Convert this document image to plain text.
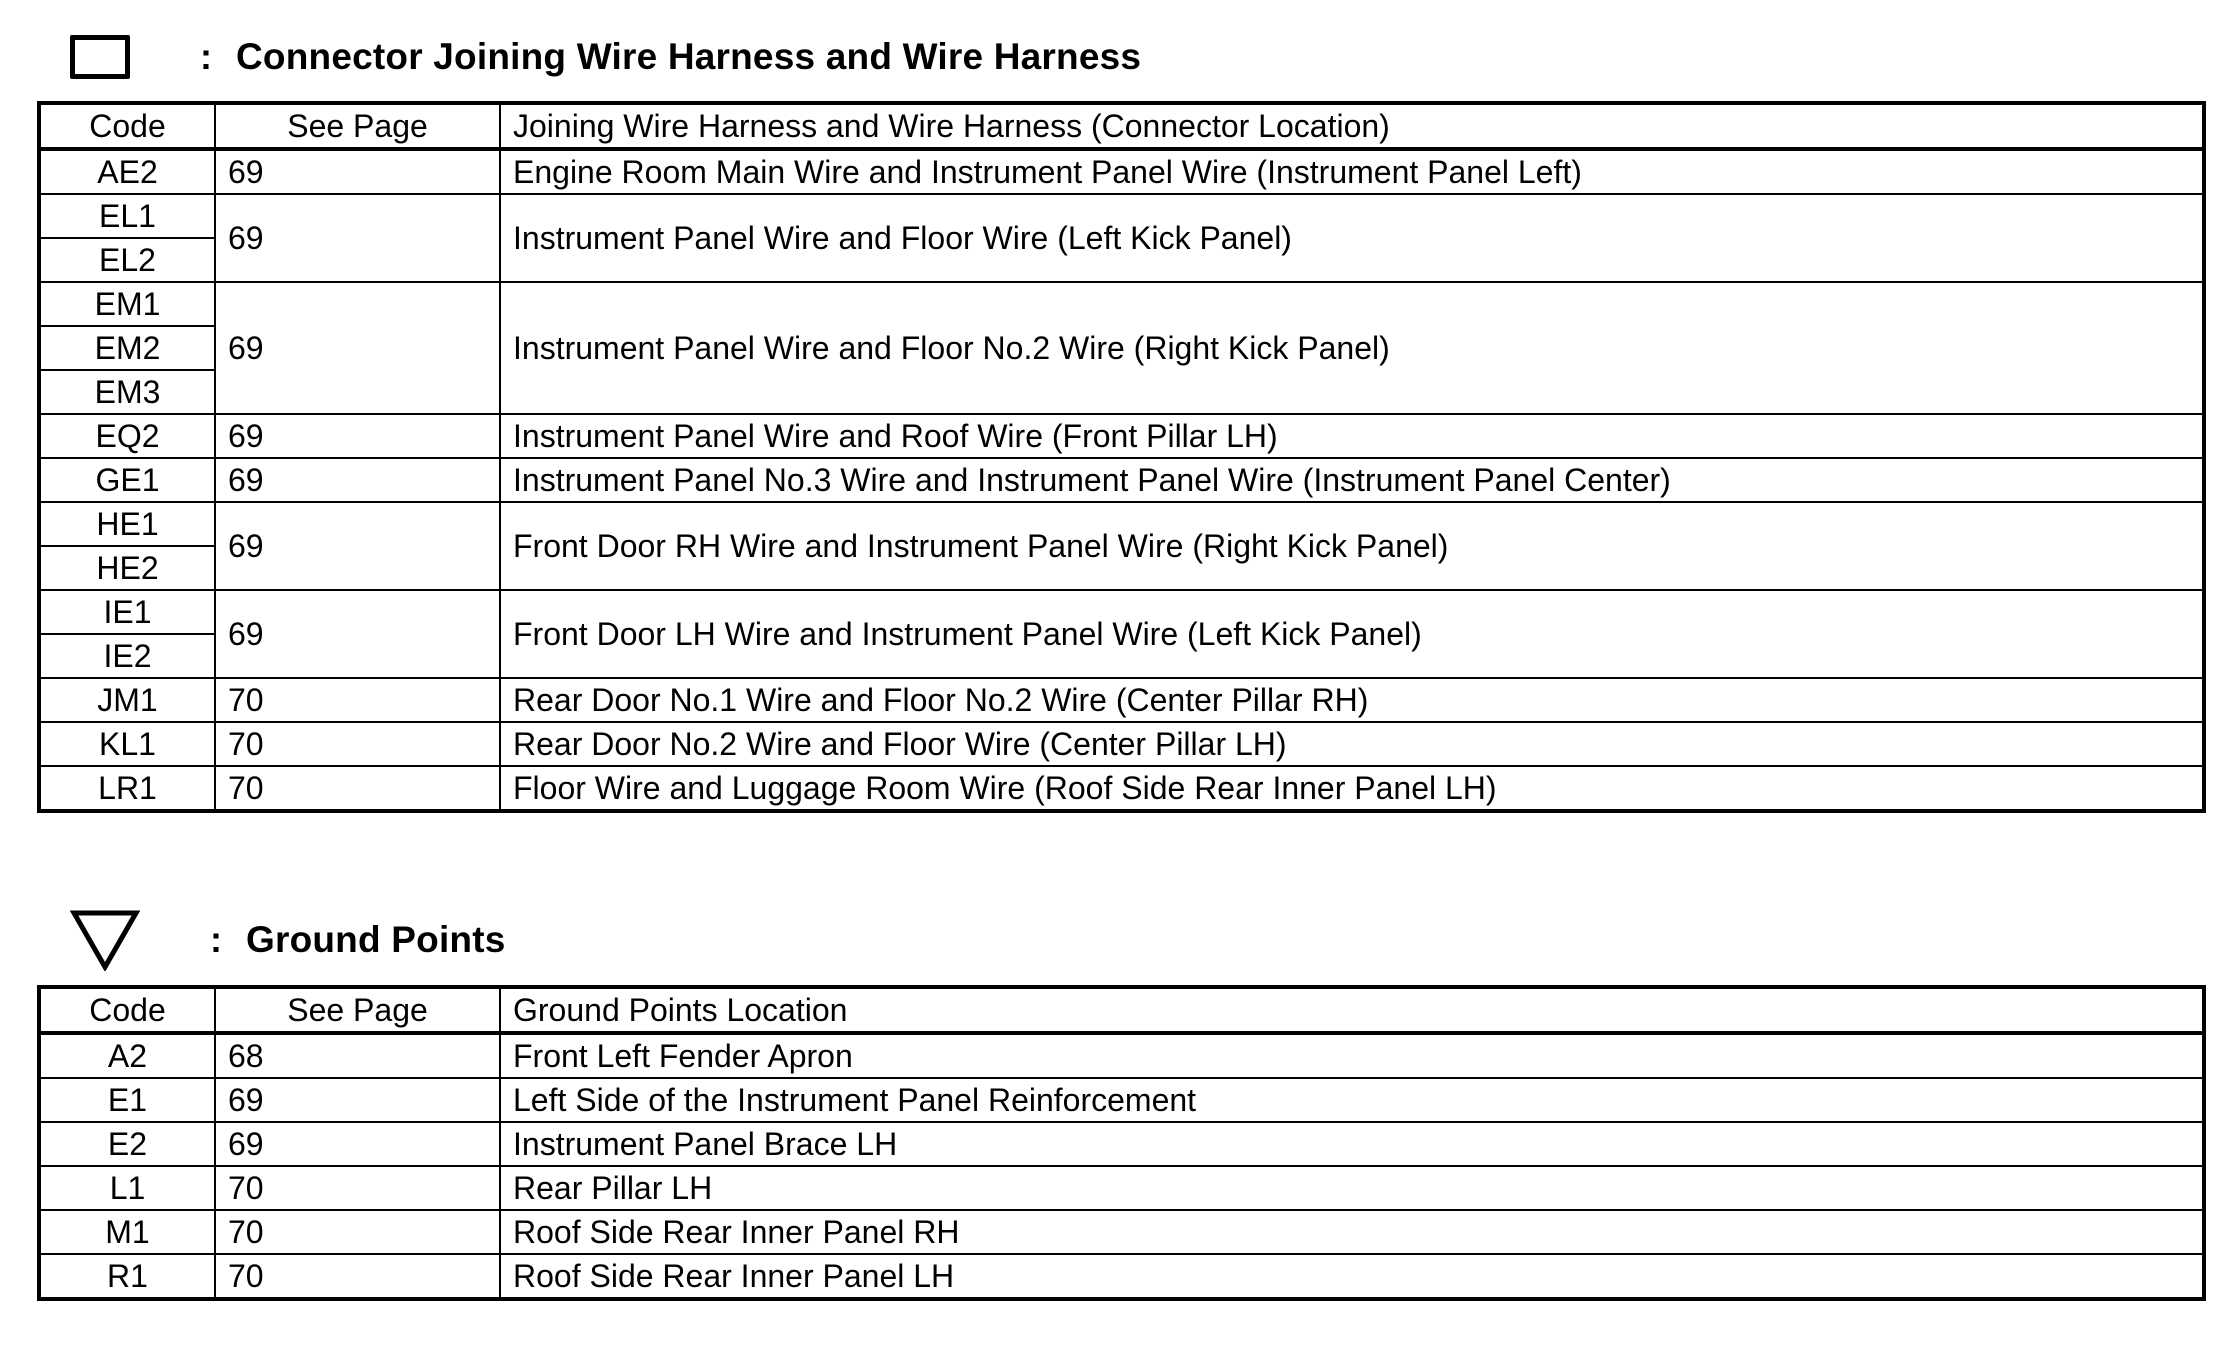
: Connector Joining Wire Harness and Wire Harness
Code	See Page	Joining Wire Harness and Wire Harness (Connector Location)
AE2	69	Engine Room Main Wire and Instrument Panel Wire (Instrument Panel Left)
EL1	69	Instrument Panel Wire and Floor Wire (Left Kick Panel)
EL2		
EM1	69	Instrument Panel Wire and Floor No.2 Wire (Right Kick Panel)
EM2		
EM3		
EQ2	69	Instrument Panel Wire and Roof Wire (Front Pillar LH)
GE1	69	Instrument Panel No.3 Wire and Instrument Panel Wire (Instrument Panel Center)
HE1	69	Front Door RH Wire and Instrument Panel Wire (Right Kick Panel)
HE2		
IE1	69	Front Door LH Wire and Instrument Panel Wire (Left Kick Panel)
IE2		
JM1	70	Rear Door No.1 Wire and Floor No.2 Wire (Center Pillar RH)
KL1	70	Rear Door No.2 Wire and Floor Wire (Center Pillar LH)
LR1	70	Floor Wire and Luggage Room Wire (Roof Side Rear Inner Panel LH)
: Ground Points
Code	See Page	Ground Points Location
A2	68	Front Left Fender Apron
E1	69	Left Side of the Instrument Panel Reinforcement
E2	69	Instrument Panel Brace LH
L1	70	Rear Pillar LH
M1	70	Roof Side Rear Inner Panel RH
R1	70	Roof Side Rear Inner Panel LH
